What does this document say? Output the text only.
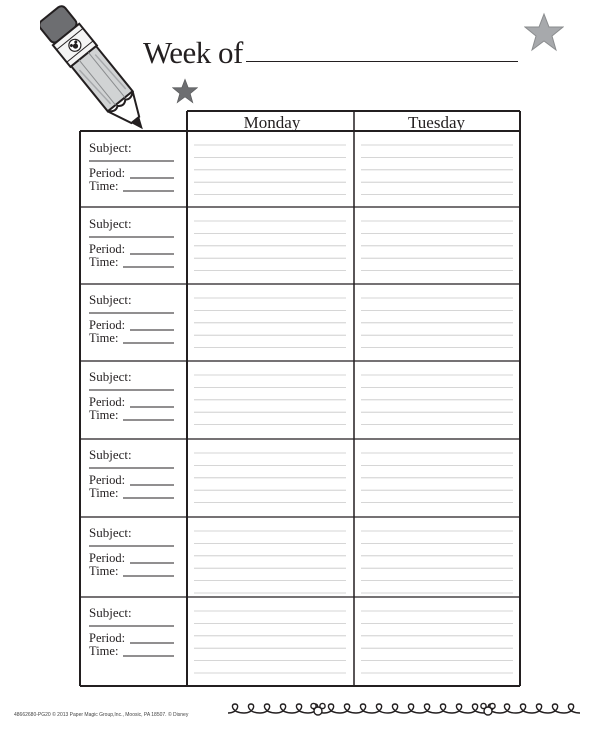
Week of
Monday	Tuesday
Subject:
Period:
Time:
Subject:
Period:
Time:
Subject:
Period:
Time:
Subject:
Period:
Time:
Subject:
Period:
Time:
Subject:
Period:
Time:
Subject:
Period:
Time:
48662680-PG20 © 2013 Paper Magic Group,Inc., Moosic, PA 18507. © Disney
